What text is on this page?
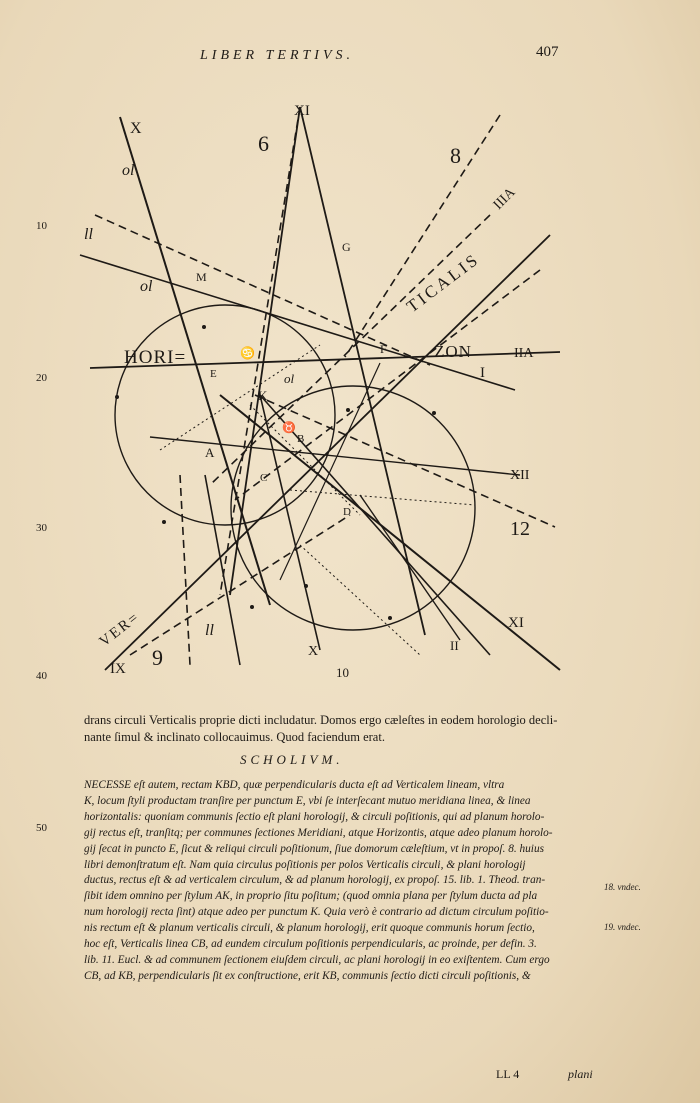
LIBER TERTIVS.	407
10
20
30
40
50
18. vndec.
19. vndec.
X
XI
IIIA
IIA
I
XII
XI
IX
II
6	8
12
9
10
X
ol
ll
ol
ll
ol
HORI=	ZON
TICALIS
VER=
M
G
F
E
K
A
B
C
D
♋
♉
drans circuli Verticalis proprie dicti includatur. Domos ergo cæleſtes in eodem horologio decli-
nante ſimul & inclinato collocauimus. Quod faciendum erat.
SCHOLIVM.

NECESSE eſt autem, rectam KBD, quæ perpendicularis ducta eſt ad Verticalem lineam, vltra

K, locum ſtyli productam tranſire per punctum E, vbi ſe interſecant mutuo meridiana linea, & linea

horizontalis: quoniam communis ſectio eſt plani horologij, & circuli poſitionis, qui ad planum horolo-

gij rectus eſt, tranſitq; per communes ſectiones Meridiani, atque Horizontis, atque adeo planum horolo-

gij ſecat in puncto E, ſicut & reliqui circuli poſitionum, ſiue domorum cæleſtium, vt in propoſ. 8. huius

libri demonſtratum eſt. Nam quia circulus poſitionis per polos Verticalis circuli, & plani horologij

ductus, rectus eſt & ad verticalem circulum, & ad planum horologij, ex propoſ. 15. lib. 1. Theod. tran-

ſibit idem omnino per ſtylum AK, in proprio ſitu poſitum; (quod omnia plana per ſtylum ducta ad pla

num horologij recta ſint) atque adeo per punctum K. Quia verò è contrario ad dictum circulum poſitio-

nis rectum eſt & planum verticalis circuli, & planum horologij, erit quoque communis horum ſectio,

hoc eſt, Verticalis linea CB, ad eundem circulum poſitionis perpendicularis, ac proinde, per defin. 3.

lib. 11. Eucl. & ad communem ſectionem eiuſdem circuli, ac plani horologij in eo exiſtentem. Cum ergo

CB, ad KB, perpendicularis ſit ex conſtructione, erit KB, communis ſectio dicti circuli poſitionis, &

LL 4	plani
